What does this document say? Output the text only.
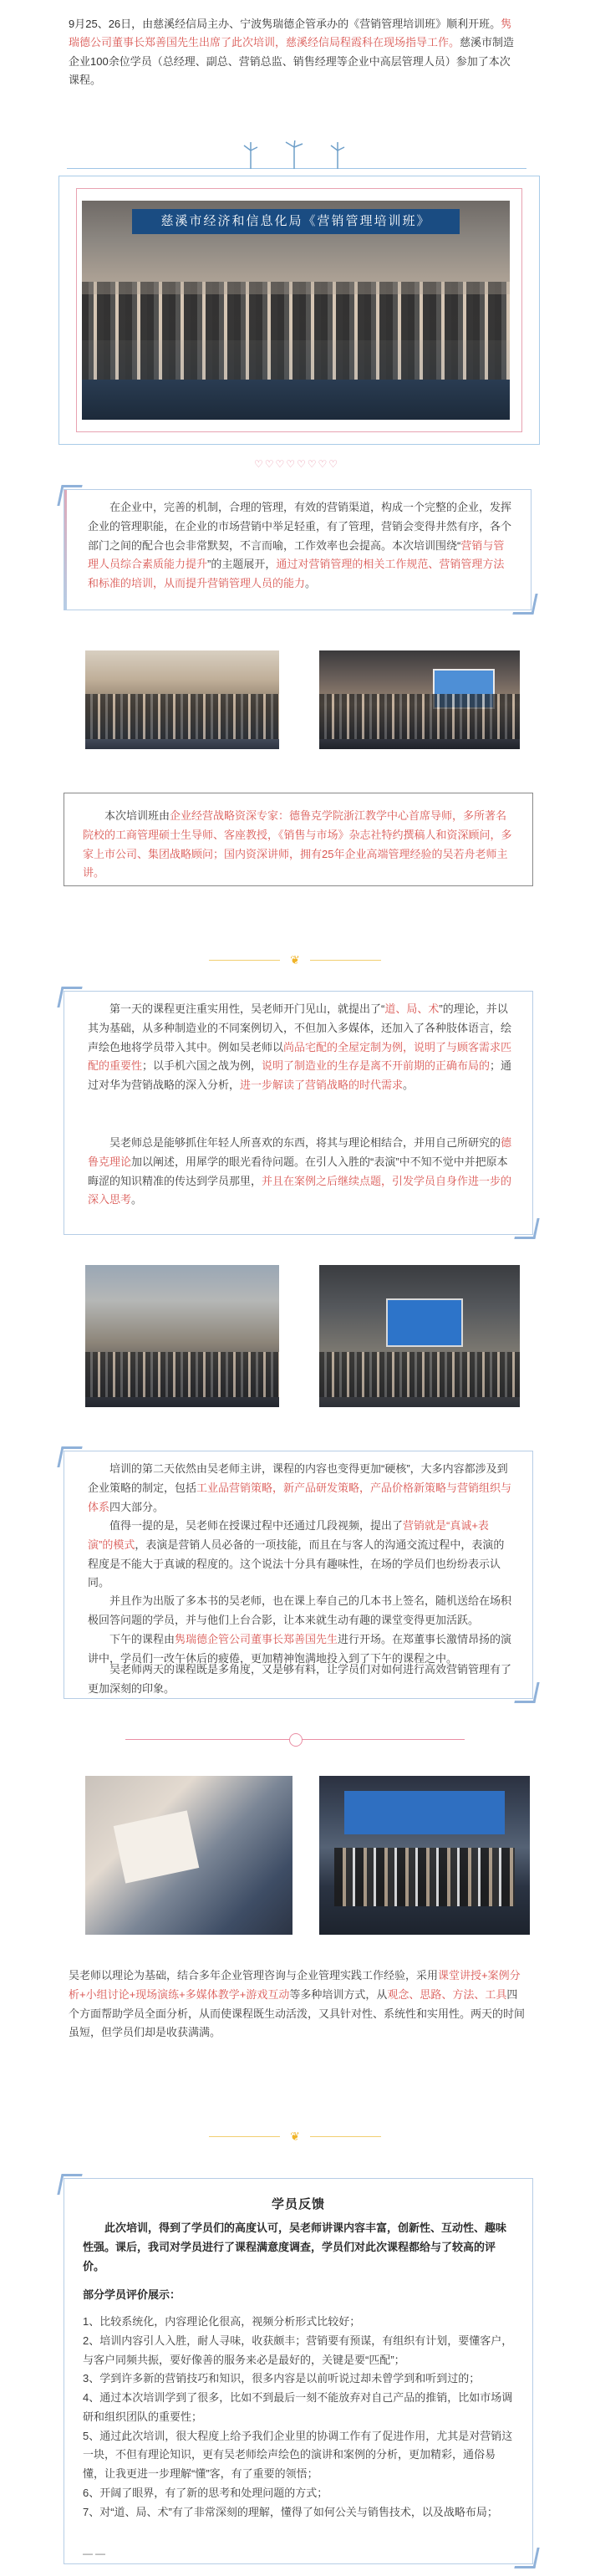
9月25、26日，由慈溪经信局主办、宁波隽瑞德企管承办的《营销管理培训班》顺利开班。隽瑞德公司董事长郑善国先生出席了此次培训，慈溪经信局程霞科在现场指导工作。慈溪市制造企业100余位学员（总经理、副总、营销总监、销售经理等企业中高层管理人员）参加了本次课程。
慈溪市经济和信息化局《营销管理培训班》
♡♡♡♡♡♡♡♡

在企业中，完善的机制，合理的管理，有效的营销渠道，构成一个完整的企业，发挥企业的管理职能，在企业的市场营销中举足轻重，有了管理，营销会变得井然有序，各个部门之间的配合也会非常默契，不言而喻，工作效率也会提高。本次培训围绕“营销与管理人员综合素质能力提升”的主题展开，通过对营销管理的相关工作规范、营销管理方法和标准的培训，从而提升营销管理人员的能力。

本次培训班由企业经营战略资深专家：德鲁克学院浙江教学中心首席导师，多所著名院校的工商管理硕士生导师、客座教授，《销售与市场》杂志社特约撰稿人和资深顾问，多家上市公司、集团战略顾问；国内资深讲师，拥有25年企业高端管理经验的吴若舟老师主讲。

❦

第一天的课程更注重实用性，吴老师开门见山，就提出了“道、局、术”的理论，并以其为基础，从多种制造业的不同案例切入，不但加入多媒体，还加入了各种肢体语言，绘声绘色地将学员带入其中。例如吴老师以尚品宅配的全屋定制为例，说明了与顾客需求匹配的重要性；以手机六国之战为例，说明了制造业的生存是离不开前期的正确布局的；通过对华为营销战略的深入分析，进一步解读了营销战略的时代需求。

吴老师总是能够抓住年轻人所喜欢的东西，将其与理论相结合，并用自己所研究的德鲁克理论加以阐述，用犀学的眼光看待问题。在引人入胜的“表演”中不知不觉中并把原本晦涩的知识精准的传达到学员那里，并且在案例之后继续点题，引发学员自身作进一步的深入思考。

培训的第二天依然由吴老师主讲，课程的内容也变得更加“硬核”，大多内容都涉及到企业策略的制定，包括工业品营销策略，新产品研发策略，产品价格新策略与营销组织与体系四大部分。

值得一提的是，吴老师在授课过程中还通过几段视频，提出了营销就是“真诚+表演”的模式，表演是营销人员必备的一项技能，而且在与客人的沟通交流过程中，表演的程度是不能大于真诚的程度的。这个说法十分具有趣味性，在场的学员们也纷纷表示认同。

并且作为出版了多本书的吴老师，也在课上奉自己的几本书上签名，随机送给在场积极回答问题的学员，并与他们上台合影，让本来就生动有趣的课堂变得更加活跃。

下午的课程由隽瑞德企管公司董事长郑善国先生进行开场。在郑董事长激情昂扬的演讲中，学员们一改午休后的疲倦，更加精神饱满地投入到了下午的课程之中。

吴老师两天的课程既是多角度，又是够有料，让学员们对如何进行高效营销管理有了更加深刻的印象。

吴老师以理论为基础，结合多年企业管理咨询与企业管理实践工作经验，采用课堂讲授+案例分析+小组讨论+现场演练+多媒体教学+游戏互动等多种培训方式，从观念、思路、方法、工具四个方面帮助学员全面分析，从而使课程既生动活泼，又具针对性、系统性和实用性。两天的时间虽短，但学员们却是收获满满。
❦
学员反馈

此次培训，得到了学员们的高度认可，吴老师讲课内容丰富，创新性、互动性、趣味性强。课后，我司对学员进行了课程满意度调查，学员们对此次课程都给与了较高的评价。

部分学员评价展示：
1、比较系统化，内容理论化很高，视频分析形式比较好；
2、培训内容引人入胜，耐人寻味，收获颇丰；营销要有预谋，有组织有计划，要懂客户，与客户同频共振，要好像善的服务来必是最好的，关键是要“匹配”；
3、学到许多新的营销技巧和知识，很多内容是以前听说过却未曾学到和听到过的；
4、通过本次培训学到了很多，比如不到最后一刻不能放弃对自己产品的推销，比如市场调研和组织团队的重要性；
5、通过此次培训，很大程度上给予我们企业里的协调工作有了促进作用，尤其是对营销这一块，不但有理论知识，更有吴老师绘声绘色的演讲和案例的分析，更加精彩，通俗易懂，让我更进一步理解“懂”客，有了重要的领悟；
6、开阔了眼界，有了新的思考和处理问题的方式；
7、对“道、局、术”有了非常深刻的理解，懂得了如何公关与销售技术，以及战略布局；
——
